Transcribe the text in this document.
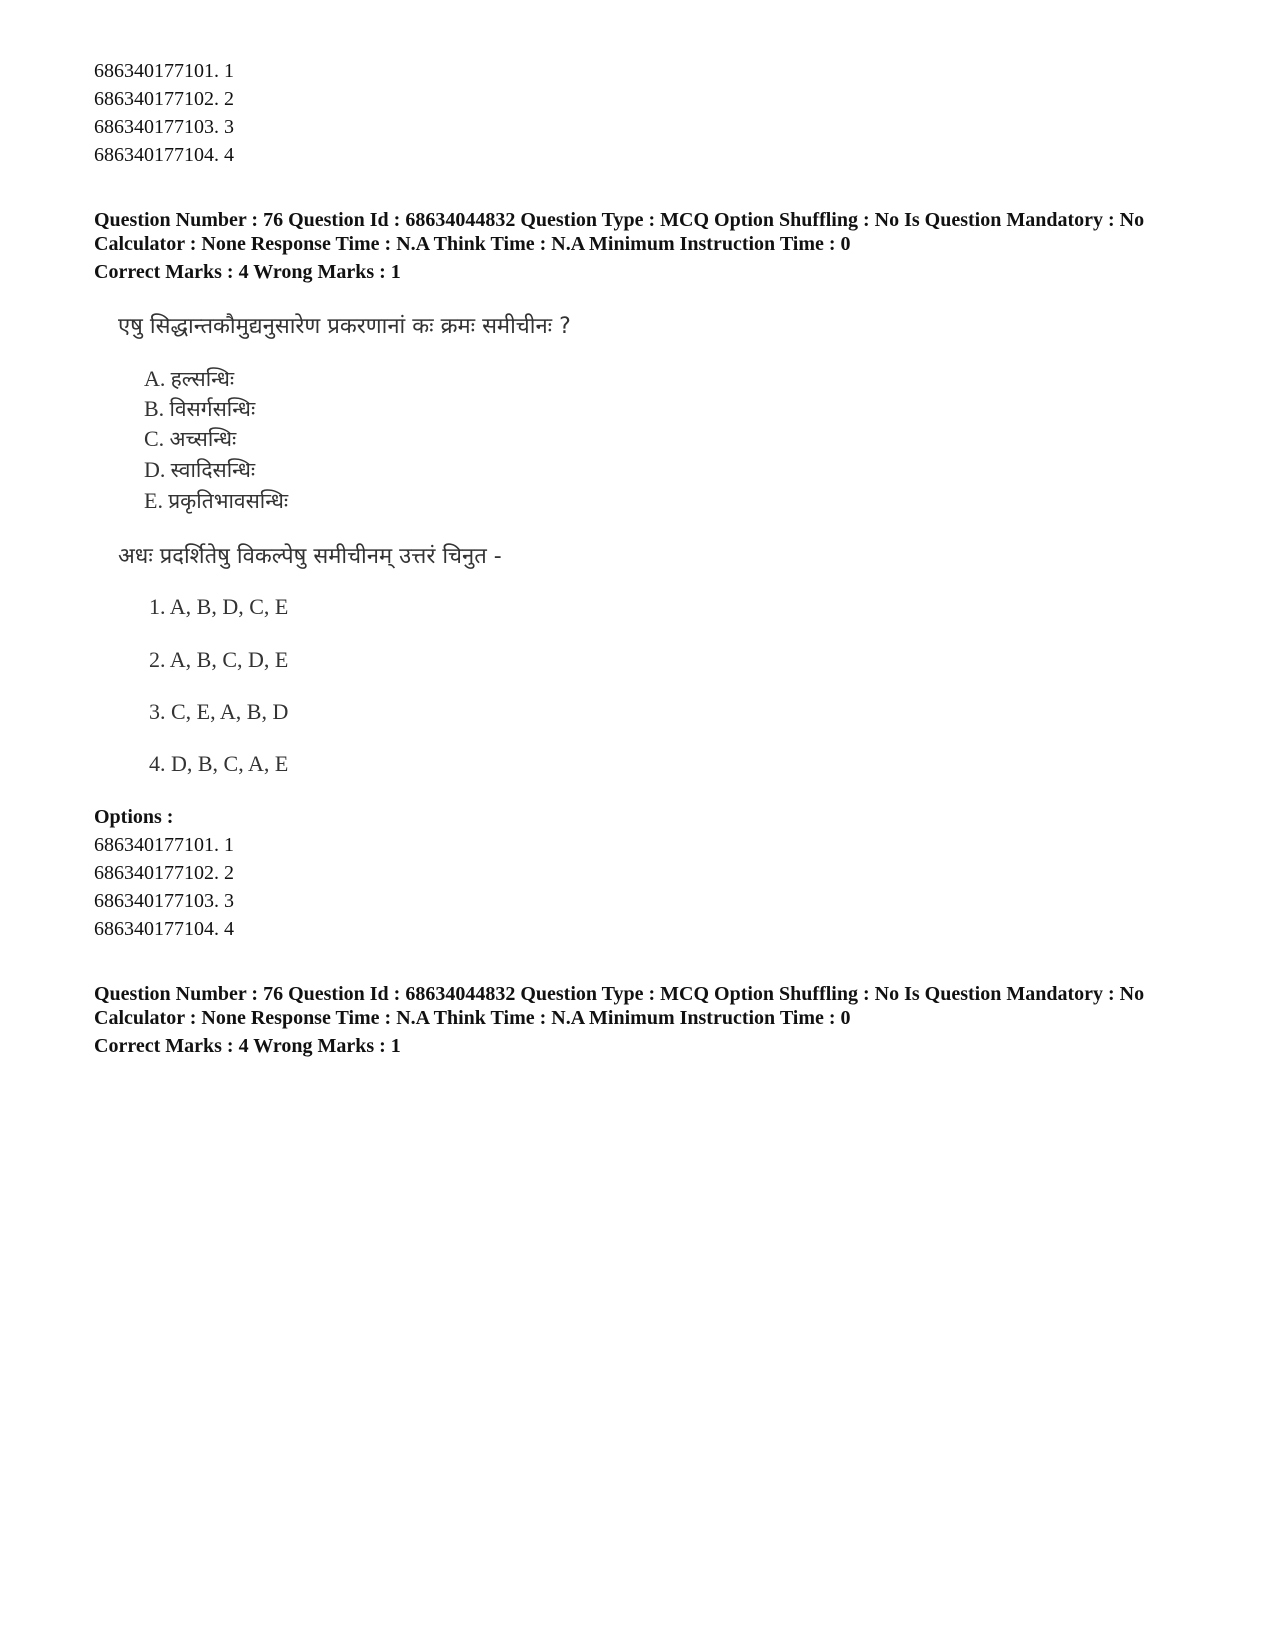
686340177101. 1
686340177102. 2
686340177103. 3
686340177104. 4

Question Number : 76 Question Id : 68634044832 Question Type : MCQ Option Shuffling : No Is Question Mandatory : No Calculator : None Response Time : N.A Think Time : N.A Minimum Instruction Time : 0

Correct Marks : 4 Wrong Marks : 1

एषु सिद्धान्तकौमुद्यनुसारेण प्रकरणानां कः क्रमः समीचीनः ?
A. हल्सन्धिः
B. विसर्गसन्धिः
C. अच्सन्धिः
D. स्वादिसन्धिः
E. प्रकृतिभावसन्धिः
अधः प्रदर्शितेषु विकल्पेषु समीचीनम् उत्तरं चिनुत -
1. A, B, D, C, E
2. A, B, C, D, E
3. C, E, A, B, D
4. D, B, C, A, E
Options :
686340177101. 1
686340177102. 2
686340177103. 3
686340177104. 4

Question Number : 76 Question Id : 68634044832 Question Type : MCQ Option Shuffling : No Is Question Mandatory : No Calculator : None Response Time : N.A Think Time : N.A Minimum Instruction Time : 0

Correct Marks : 4 Wrong Marks : 1
